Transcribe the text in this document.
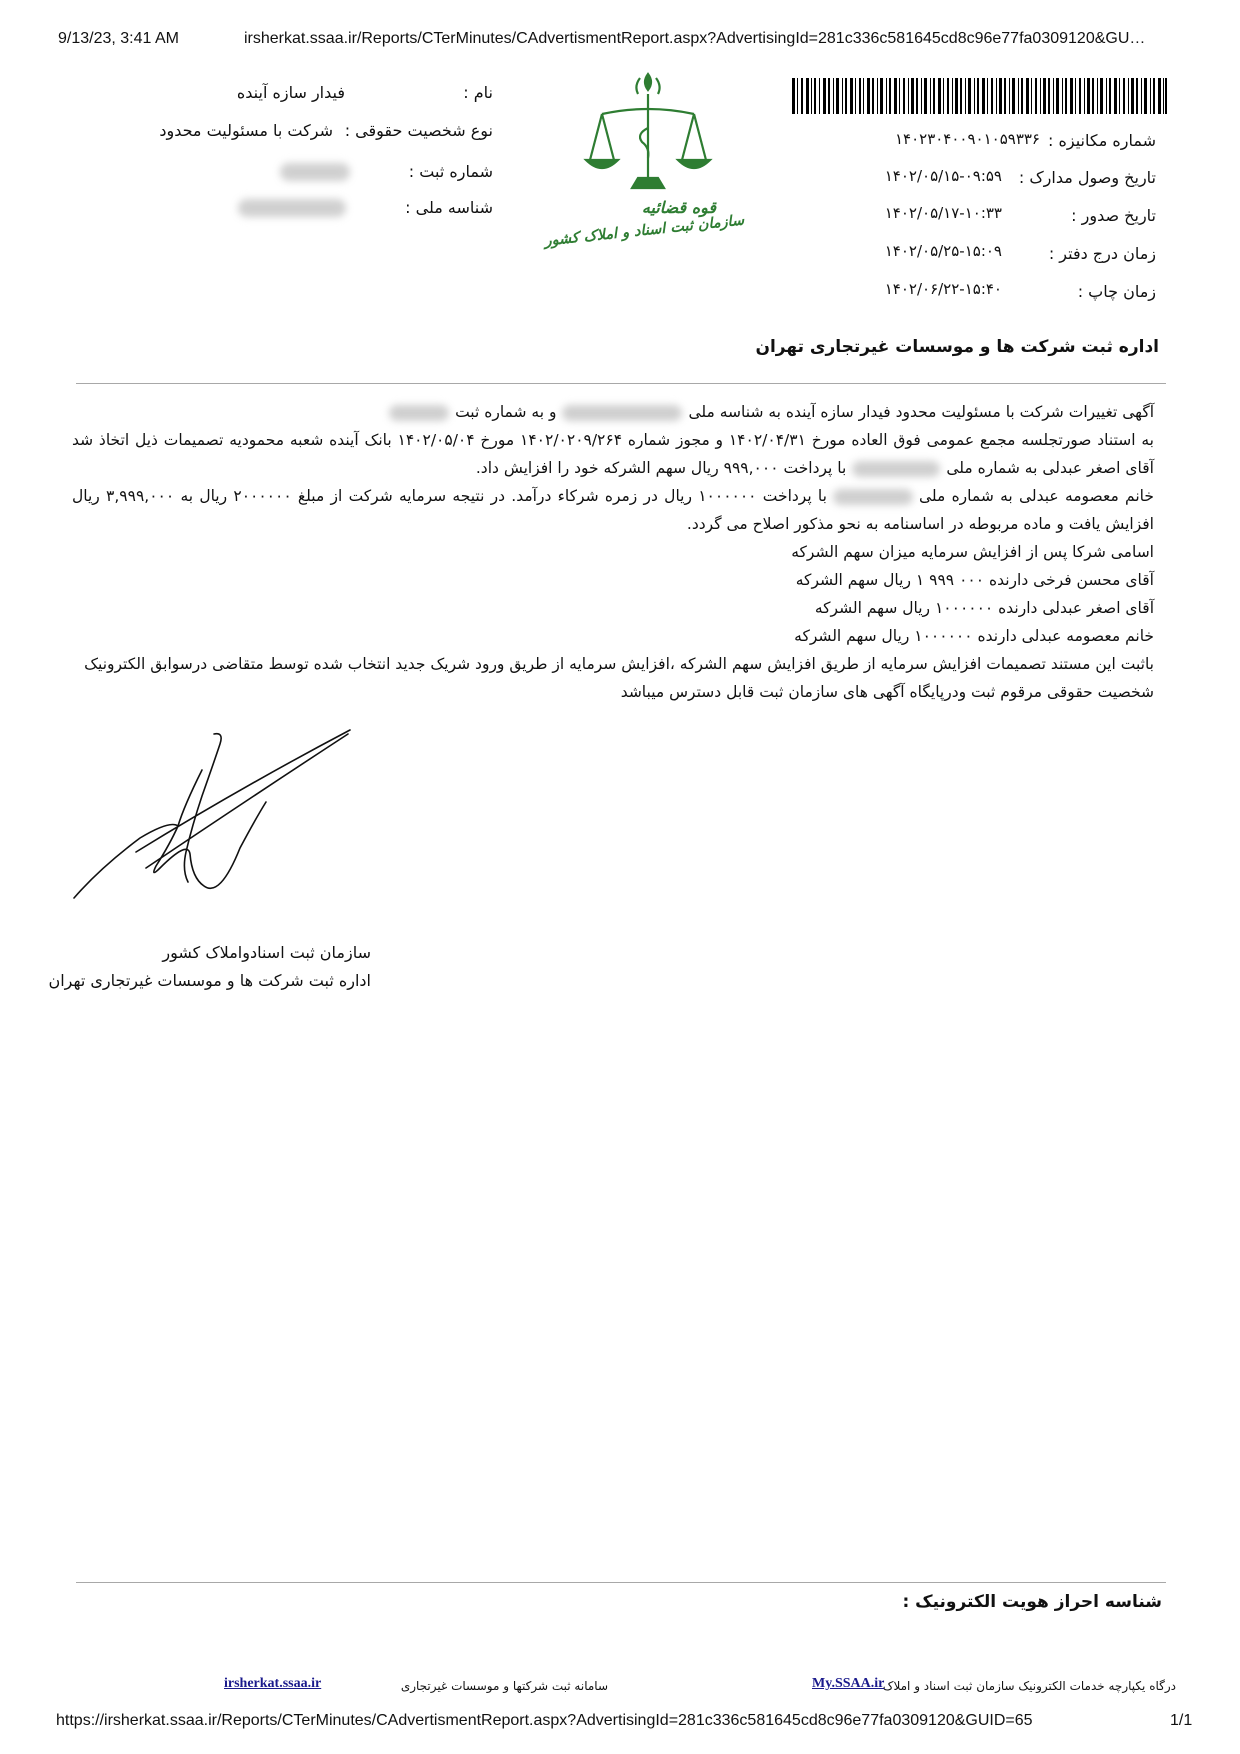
9/13/23, 3:41 AM	irsherkat.ssaa.ir/Reports/CTerMinutes/CAdvertismentReport.aspx?AdvertisingId=281c336c581645cd8c96e77fa0309120&GU…
قوه قضائیه
سازمان ثبت اسناد و املاک کشور
شماره مکانیزه :
۱۴۰۲۳۰۴۰۰۹۰۱۰۵۹۳۳۶
تاریخ وصول مدارک :
۱۴۰۲/۰۵/۱۵-۰۹:۵۹
تاریخ صدور :
۱۴۰۲/۰۵/۱۷-۱۰:۳۳
زمان درج دفتر :
۱۴۰۲/۰۵/۲۵-۱۵:۰۹
زمان چاپ :
۱۴۰۲/۰۶/۲۲-۱۵:۴۰
نام :
فیدار سازه آینده
نوع شخصیت حقوقی :
شرکت با مسئولیت محدود
شماره ثبت :
شناسه ملی :
اداره ثبت شرکت ها و موسسات غیرتجاری تهران
آگهی تغییرات شرکت با مسئولیت محدود فیدار سازه آینده به شناسه ملیو به شماره ثبت
به استناد صورتجلسه مجمع عمومی فوق العاده مورخ ۱۴۰۲/۰۴/۳۱ و مجوز شماره ۱۴۰۲/۰۲۰۹/۲۶۴ مورخ ۱۴۰۲/۰۵/۰۴ بانک آینده شعبه محمودیه تصمیمات ذیل اتخاذ شد
آقای اصغر عبدلی به شماره ملیبا پرداخت ۹۹۹,۰۰۰ ریال سهم الشرکه خود را افزایش داد.
خانم معصومه عبدلی به شماره ملیبا پرداخت ۱۰۰۰۰۰۰ ریال در زمره شرکاء درآمد. در نتیجه سرمایه شرکت از مبلغ ۲۰۰۰۰۰۰ ریال به ۳,۹۹۹,۰۰۰ ریال
افزایش یافت و ماده مربوطه در اساسنامه به نحو مذکور اصلاح می گردد.
اسامی شرکا پس از افزایش سرمایه میزان سهم الشرکه
آقای محسن فرخی دارنده ۰۰۰ ۹۹۹ ۱ ریال سهم الشرکه
آقای اصغر عبدلی دارنده ۱۰۰۰۰۰۰ ریال سهم الشرکه
خانم معصومه عبدلی دارنده ۱۰۰۰۰۰۰ ریال سهم الشرکه
باثبت این مستند تصمیمات افزایش سرمایه از طریق افزایش سهم الشرکه ،افزایش سرمایه از طریق ورود شریک جدید انتخاب شده توسط متقاضی درسوابق الکترونیک
شخصیت حقوقی مرقوم ثبت ودرپایگاه آگهی های سازمان ثبت قابل دسترس میباشد
سازمان ثبت اسنادواملاک کشور
اداره ثبت شرکت ها و موسسات غیرتجاری تهران
شناسه احراز هویت الکترونیک :
درگاه یکپارچه خدمات الکترونیک سازمان ثبت اسناد و املاک
My.SSAA.ir
سامانه ثبت شرکتها و موسسات غیرتجاری
irsherkat.ssaa.ir
https://irsherkat.ssaa.ir/Reports/CTerMinutes/CAdvertismentReport.aspx?AdvertisingId=281c336c581645cd8c96e77fa0309120&GUID=65	1/1
